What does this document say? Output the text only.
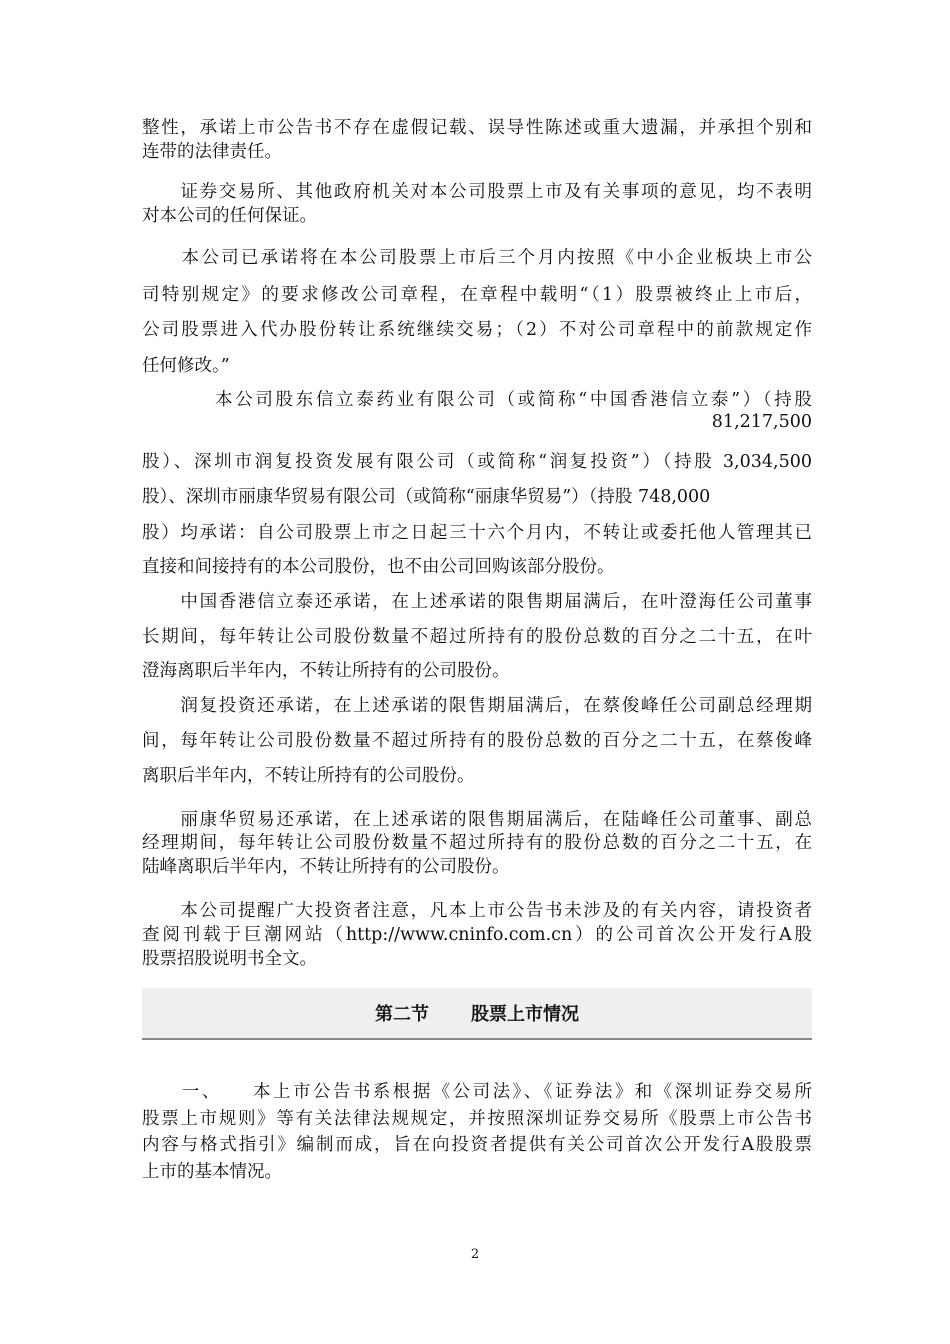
第二节 股票上市情况
2
整性，承诺上市公告书不存在虚假记载、误导性陈述或重大遗漏，并承担个别和
连带的法律责任。
　　证券交易所、其他政府机关对本公司股票上市及有关事项的意见，均不表明
对本公司的任何保证。
　　本公司已承诺将在本公司股票上市后三个月内按照《中小企业板块上市公
司特别规定》的要求修改公司章程，在章程中载明“（1）股票被终止上市后，
公司股票进入代办股份转让系统继续交易；（2）不对公司章程中的前款规定作
任何修改。”
本公司股东信立泰药业有限公司（或简称“中国香港信立泰”）（持股
81,217,500
股）、深圳市润复投资发展有限公司（或简称“润复投资”）（持股 3,034,500
股）、深圳市丽康华贸易有限公司（或简称“丽康华贸易”）（持股 748,000
股）均承诺：自公司股票上市之日起三十六个月内，不转让或委托他人管理其已
直接和间接持有的本公司股份，也不由公司回购该部分股份。
　　中国香港信立泰还承诺，在上述承诺的限售期届满后，在叶澄海任公司董事
长期间，每年转让公司股份数量不超过所持有的股份总数的百分之二十五，在叶
澄海离职后半年内，不转让所持有的公司股份。
　　润复投资还承诺，在上述承诺的限售期届满后，在蔡俊峰任公司副总经理期
间，每年转让公司股份数量不超过所持有的股份总数的百分之二十五，在蔡俊峰
离职后半年内，不转让所持有的公司股份。
　　丽康华贸易还承诺，在上述承诺的限售期届满后，在陆峰任公司董事、副总
经理期间，每年转让公司股份数量不超过所持有的股份总数的百分之二十五，在
陆峰离职后半年内，不转让所持有的公司股份。
　　本公司提醒广大投资者注意，凡本上市公告书未涉及的有关内容，请投资者
查阅刊载于巨潮网站（http://www.cninfo.com.cn）的公司首次公开发行A股
股票招股说明书全文。
　　一、　　本上市公告书系根据《公司法》、《证券法》和《深圳证券交易所
股票上市规则》等有关法律法规规定，并按照深圳证券交易所《股票上市公告书
内容与格式指引》编制而成，旨在向投资者提供有关公司首次公开发行A股股票
上市的基本情况。
